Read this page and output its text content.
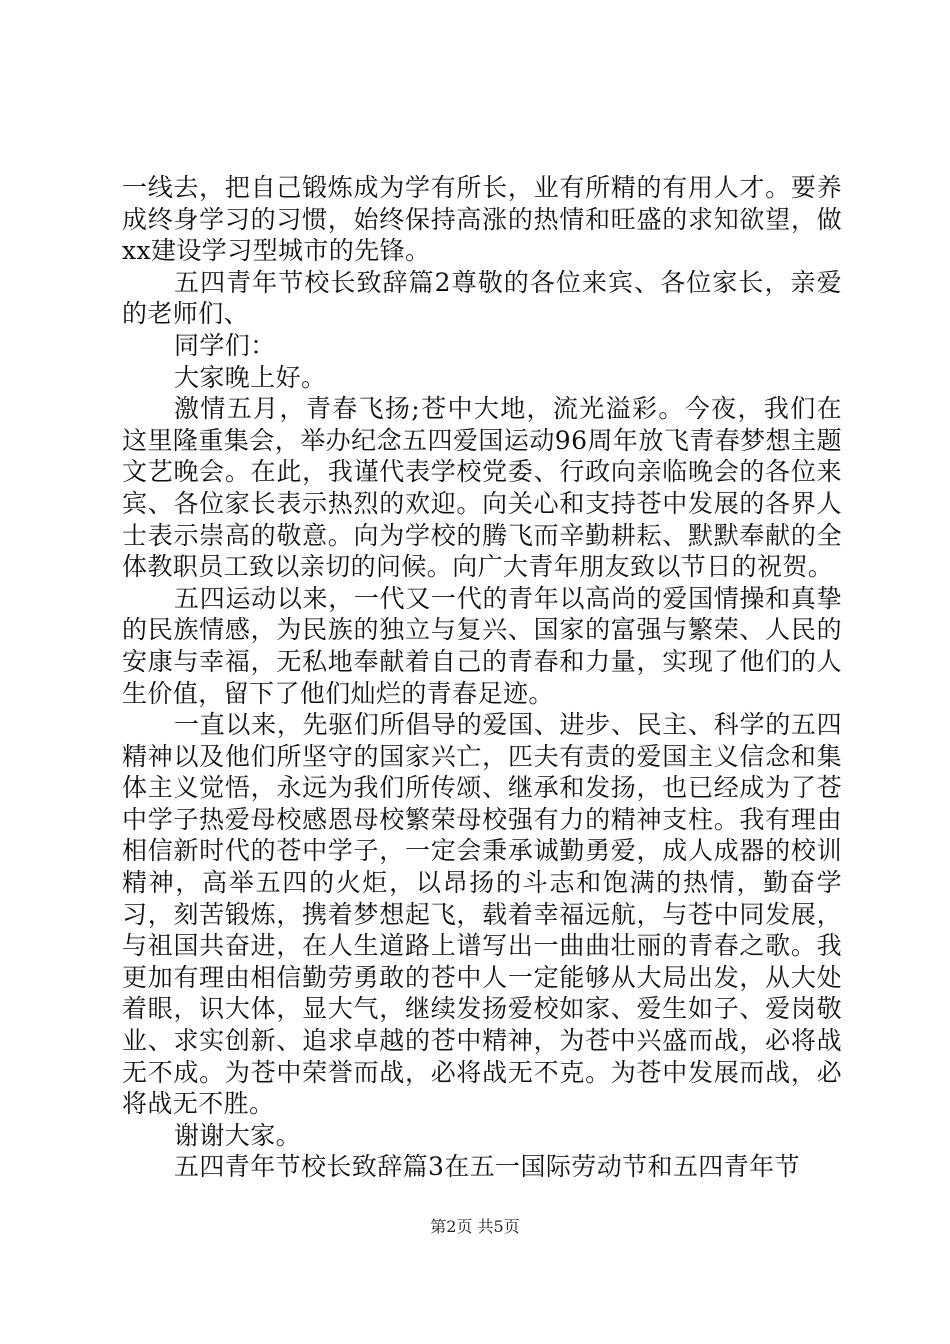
一线去，把自己锻炼成为学有所长，业有所精的有用人才。要养成终身学习的习惯，始终保持高涨的热情和旺盛的求知欲望，做xx建设学习型城市的先锋。

五四青年节校长致辞篇2尊敬的各位来宾、各位家长，亲爱的老师们、

同学们：

大家晚上好。

激情五月，青春飞扬;苍中大地，流光溢彩。今夜，我们在这里隆重集会，举办纪念五四爱国运动96周年放飞青春梦想主题文艺晚会。在此，我谨代表学校党委、行政向亲临晚会的各位来宾、各位家长表示热烈的欢迎。向关心和支持苍中发展的各界人士表示崇高的敬意。向为学校的腾飞而辛勤耕耘、默默奉献的全体教职员工致以亲切的问候。向广大青年朋友致以节日的祝贺。

五四运动以来，一代又一代的青年以高尚的爱国情操和真挚的民族情感，为民族的独立与复兴、国家的富强与繁荣、人民的安康与幸福，无私地奉献着自己的青春和力量，实现了他们的人生价值，留下了他们灿烂的青春足迹。

一直以来，先驱们所倡导的爱国、进步、民主、科学的五四精神以及他们所坚守的国家兴亡，匹夫有责的爱国主义信念和集体主义觉悟，永远为我们所传颂、继承和发扬，也已经成为了苍中学子热爱母校感恩母校繁荣母校强有力的精神支柱。我有理由相信新时代的苍中学子，一定会秉承诚勤勇爱，成人成器的校训精神，高举五四的火炬，以昂扬的斗志和饱满的热情，勤奋学习，刻苦锻炼，携着梦想起飞，载着幸福远航，与苍中同发展，与祖国共奋进，在人生道路上谱写出一曲曲壮丽的青春之歌。我更加有理由相信勤劳勇敢的苍中人一定能够从大局出发，从大处着眼，识大体，显大气，继续发扬爱校如家、爱生如子、爱岗敬业、求实创新、追求卓越的苍中精神，为苍中兴盛而战，必将战无不成。为苍中荣誉而战，必将战无不克。为苍中发展而战，必将战无不胜。

谢谢大家。

五四青年节校长致辞篇3在五一国际劳动节和五四青年节

第2页 共5页
